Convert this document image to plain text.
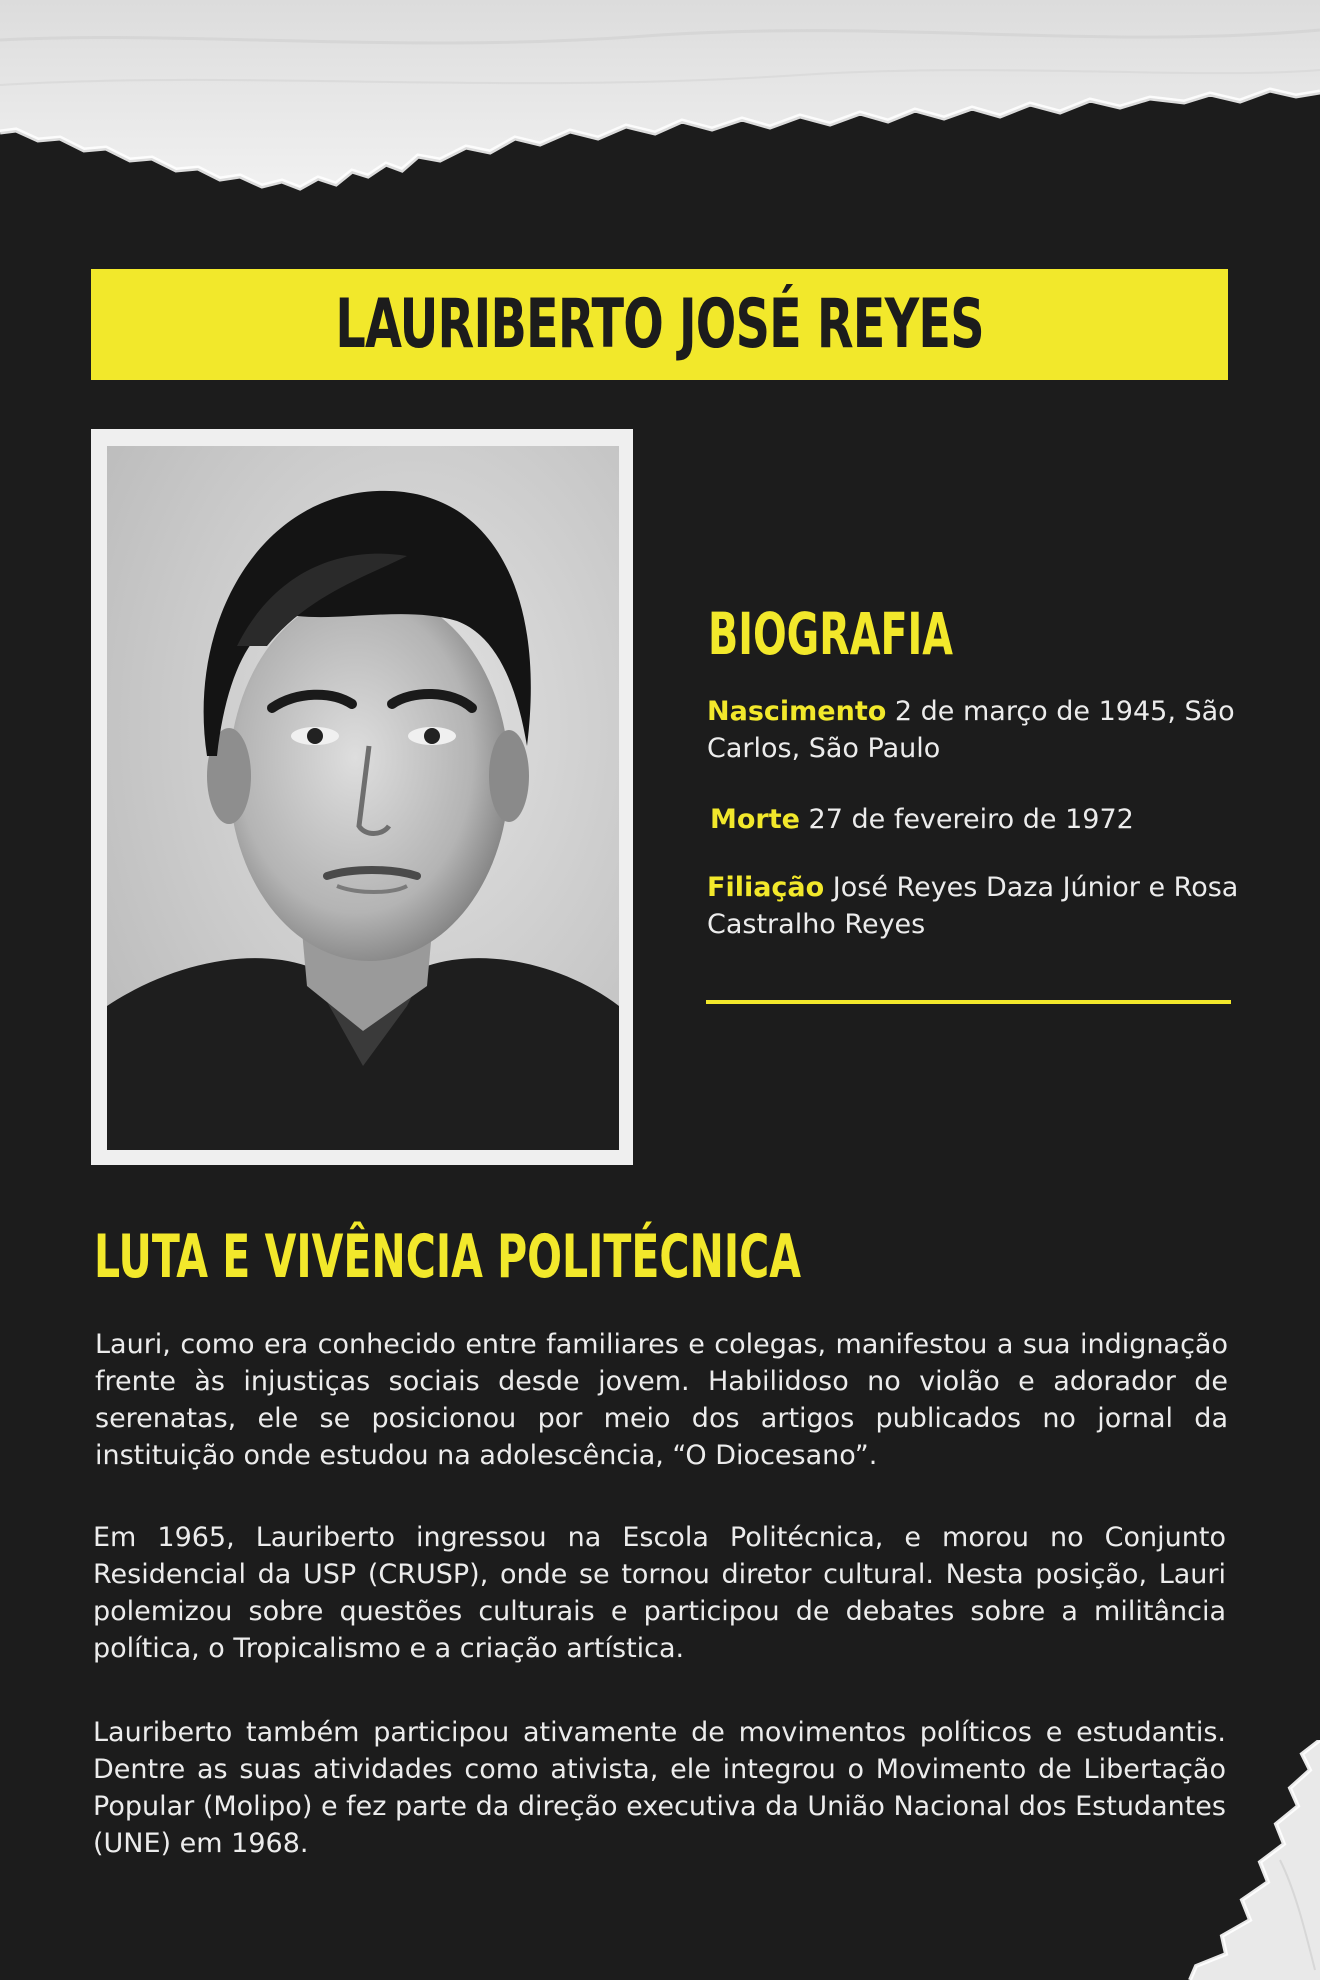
LAURIBERTO JOSÉ REYES
BIOGRAFIA

Nascimento 2 de março de 1945, São Carlos, São Paulo

Morte 27 de fevereiro de 1972

Filiação José Reyes Daza Júnior e Rosa Castralho Reyes

LUTA E VIVÊNCIA POLITÉCNICA

Lauri, como era conhecido entre familiares e colegas, manifestou a sua indignação frente às injustiças sociais desde jovem. Habilidoso no violão e adorador de serenatas, ele se posicionou por meio dos artigos publicados no jornal da instituição onde estudou na adolescência, “O Diocesano”.

Em 1965, Lauriberto ingressou na Escola Politécnica, e morou no Conjunto Residencial da USP (CRUSP), onde se tornou diretor cultural. Nesta posição, Lauri polemizou sobre questões culturais e participou de debates sobre a militância política, o Tropicalismo e a criação artística.

Lauriberto também participou ativamente de movimentos políticos e estudantis. Dentre as suas atividades como ativista, ele integrou o Movimento de Libertação Popular (Molipo) e fez parte da direção executiva da União Nacional dos Estudantes (UNE) em 1968.
